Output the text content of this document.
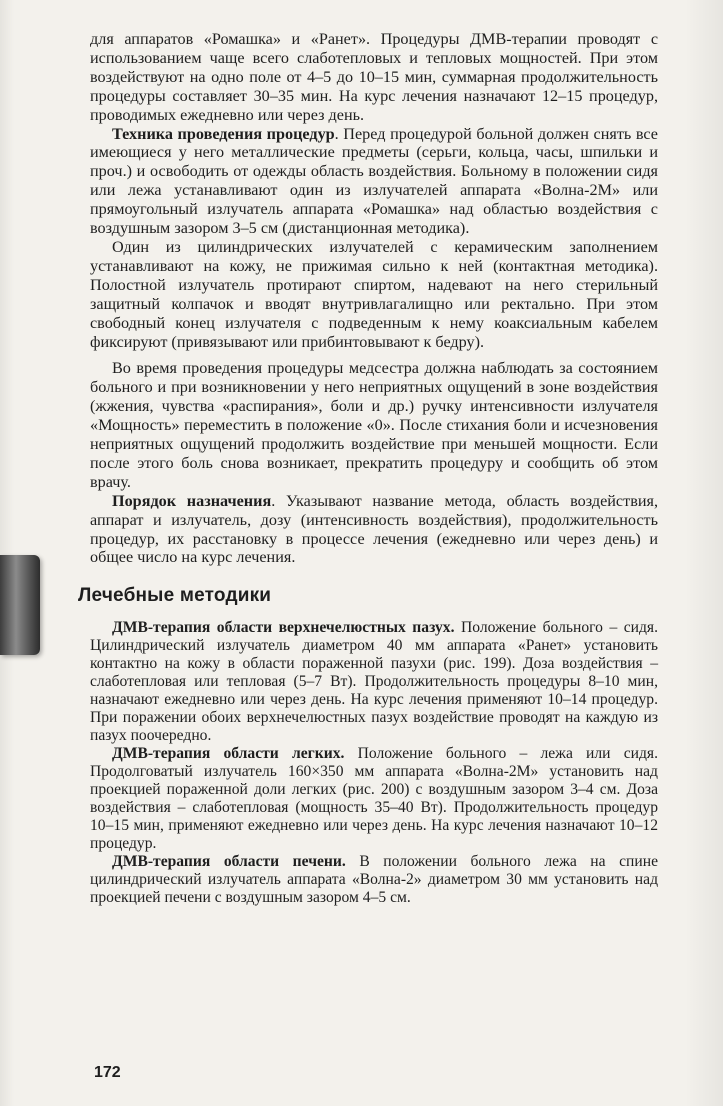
для аппаратов «Ромашка» и «Ранет». Процедуры ДМВ-терапии проводят с использованием чаще всего слаботепловых и тепловых мощностей. При этом воздействуют на одно поле от 4–5 до 10–15 мин, суммарная продолжительность процедуры составляет 30–35 мин. На курс лечения назначают 12–15 процедур, проводимых ежедневно или через день.

Техника проведения процедур. Перед процедурой больной должен снять все имеющиеся у него металлические предметы (серьги, кольца, часы, шпильки и проч.) и освободить от одежды область воздействия. Больному в положении сидя или лежа устанавливают один из излучателей аппарата «Волна-2М» или прямоугольный излучатель аппарата «Ромашка» над областью воздействия с воздушным зазором 3–5 см (дистанционная методика).

Один из цилиндрических излучателей с керамическим заполнением устанавливают на кожу, не прижимая сильно к ней (контактная методика). Полостной излучатель протирают спиртом, надевают на него стерильный защитный колпачок и вводят внутривлагалищно или ректально. При этом свободный конец излучателя с подведенным к нему коаксиальным кабелем фиксируют (привязывают или прибинтовывают к бедру).

Во время проведения процедуры медсестра должна наблюдать за состоянием больного и при возникновении у него неприятных ощущений в зоне воздействия (жжения, чувства «распирания», боли и др.) ручку интенсивности излучателя «Мощность» переместить в положение «0». После стихания боли и исчезновения неприятных ощущений продолжить воздействие при меньшей мощности. Если после этого боль снова возникает, прекратить процедуру и сообщить об этом врачу.

Порядок назначения. Указывают название метода, область воздействия, аппарат и излучатель, дозу (интенсивность воздействия), продолжительность процедур, их расстановку в процессе лечения (ежедневно или через день) и общее число на курс лечения.

Лечебные методики

ДМВ-терапия области верхнечелюстных пазух. Положение больного – сидя. Цилиндрический излучатель диаметром 40 мм аппарата «Ранет» установить контактно на кожу в области пораженной пазухи (рис. 199). Доза воздействия – слаботепловая или тепловая (5–7 Вт). Продолжительность процедуры 8–10 мин, назначают ежедневно или через день. На курс лечения применяют 10–14 процедур. При поражении обоих верхнечелюстных пазух воздействие проводят на каждую из пазух поочередно.

ДМВ-терапия области легких. Положение больного – лежа или сидя. Продолговатый излучатель 160×350 мм аппарата «Волна-2М» установить над проекцией пораженной доли легких (рис. 200) с воздушным зазором 3–4 см. Доза воздействия – слаботепловая (мощность 35–40 Вт). Продолжительность процедур 10–15 мин, применяют ежедневно или через день. На курс лечения назначают 10–12 процедур.

ДМВ-терапия области печени. В положении больного лежа на спине цилиндрический излучатель аппарата «Волна-2» диаметром 30 мм установить над проекцией печени с воздушным зазором 4–5 см.

172
